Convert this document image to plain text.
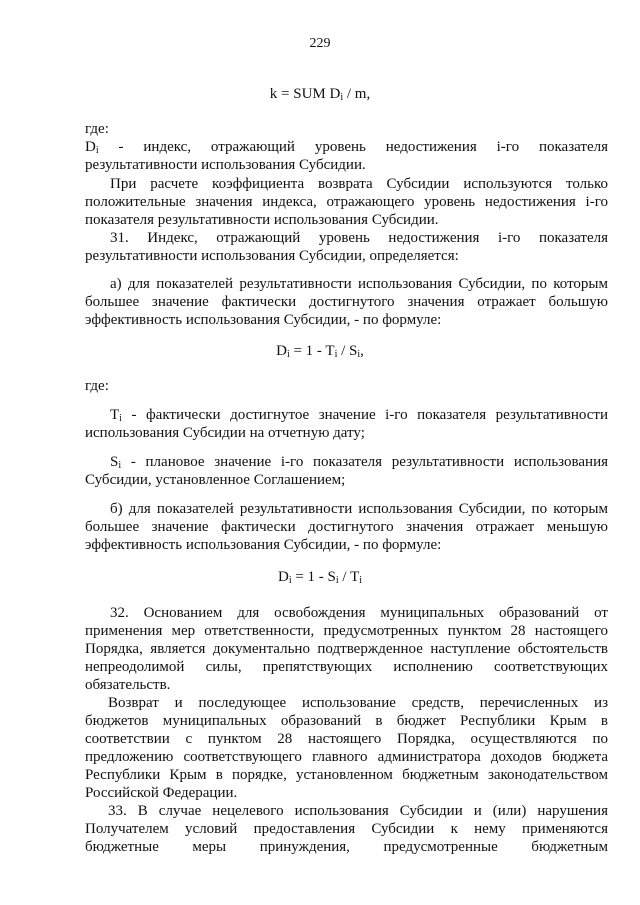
229
k = SUM $D_i$ / m,
где:
$D_i$ - индекс, отражающий уровень недостижения i-го показателя
результативности использования Субсидии.
При расчете коэффициента возврата Субсидии используются только
положительные значения индекса, отражающего уровень недостижения i-го
показателя результативности использования Субсидии.
31. Индекс, отражающий уровень недостижения i-го показателя
результативности использования Субсидии, определяется:
а) для показателей результативности использования Субсидии, по которым
большее значение фактически достигнутого значения отражает большую
эффективность использования Субсидии, - по формуле:
$D_i = 1 - T_i / S_i$,
где:
$T_i$ - фактически достигнутое значение i-го показателя результативности
использования Субсидии на отчетную дату;
$S_i$ - плановое значение i-го показателя результативности использования
Субсидии, установленное Соглашением;
б) для показателей результативности использования Субсидии, по которым
большее значение фактически достигнутого значения отражает меньшую
эффективность использования Субсидии, - по формуле:
$D_i = 1 - S_i / T_i$
32. Основанием для освобождения муниципальных образований от
применения мер ответственности, предусмотренных пунктом 28 настоящего
Порядка, является документально подтвержденное наступление обстоятельств
непреодолимой силы, препятствующих исполнению соответствующих
обязательств.
Возврат и последующее использование средств, перечисленных из
бюджетов муниципальных образований в бюджет Республики Крым в
соответствии с пунктом 28 настоящего Порядка, осуществляются по
предложению соответствующего главного администратора доходов бюджета
Республики Крым в порядке, установленном бюджетным законодательством
Российской Федерации.
33. В случае нецелевого использования Субсидии и (или) нарушения
Получателем условий предоставления Субсидии к нему применяются
бюджетные меры принуждения, предусмотренные бюджетным
